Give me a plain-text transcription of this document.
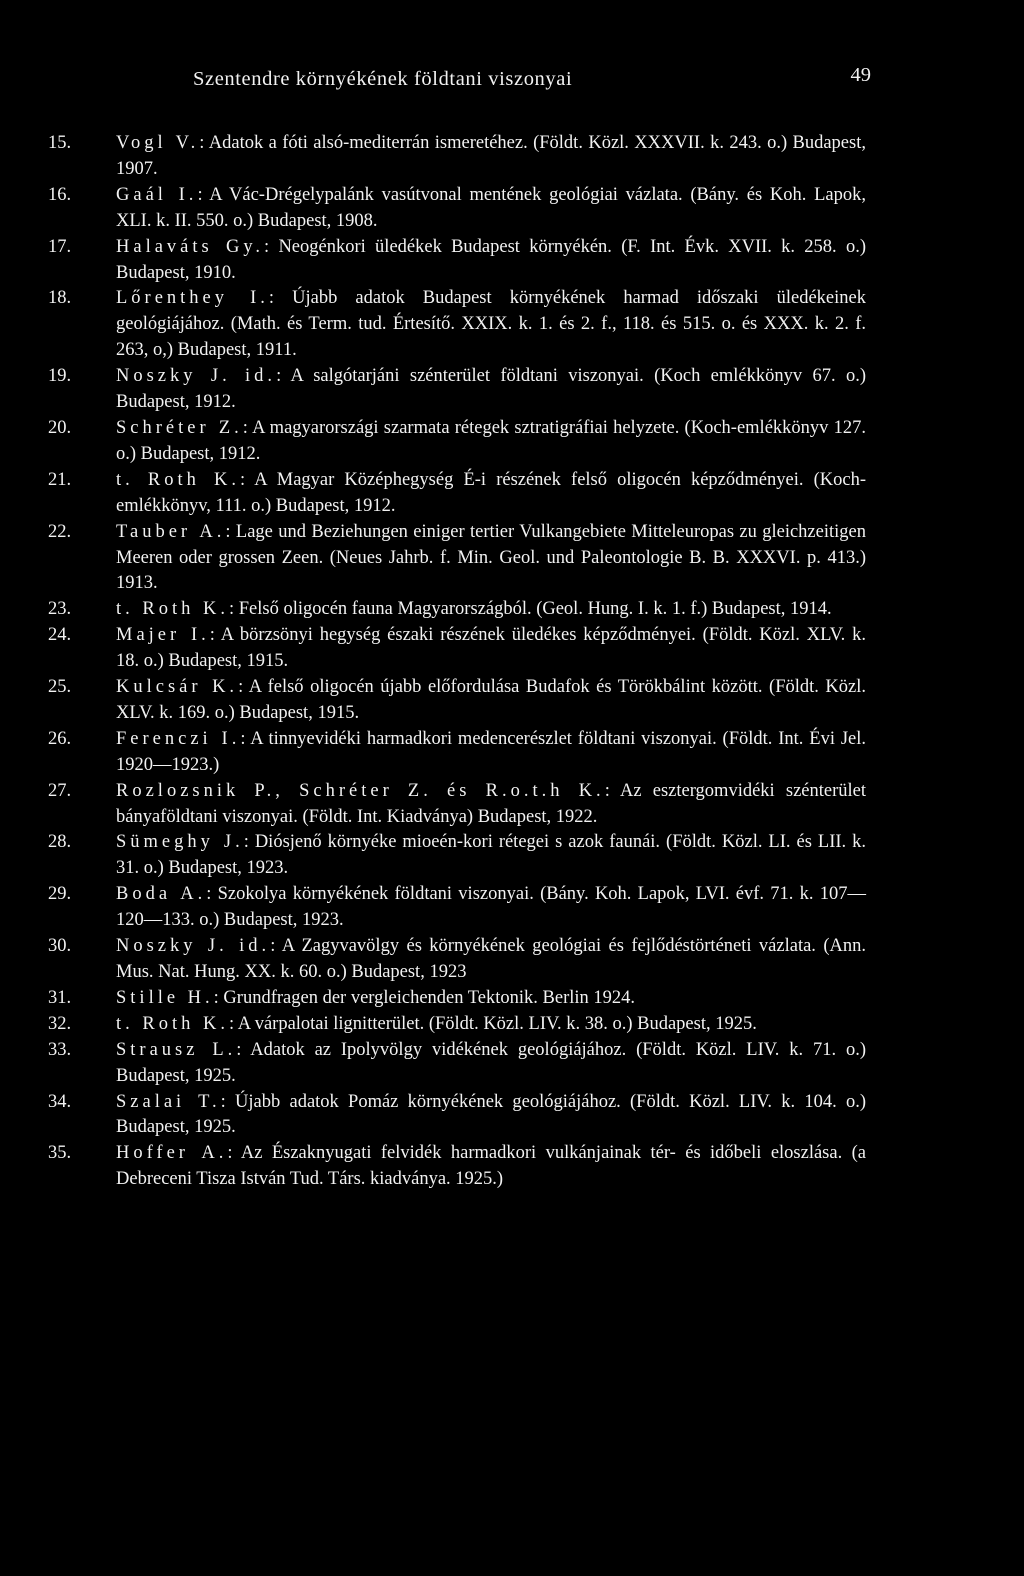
Szentendre környékének földtani viszonyai	49
15.	Vogl V.: Adatok a fóti alsó-mediterrán ismeretéhez. (Földt. Közl. XXXVII. k. 243. o.) Budapest, 1907.
16.	Gaál I.: A Vác-Drégelypalánk vasútvonal mentének geológiai vázlata. (Bány. és Koh. Lapok, XLI. k. II. 550. o.) Budapest, 1908.
17.	Halaváts Gy.: Neogénkori üledékek Budapest környékén. (F. Int. Évk. XVII. k. 258. o.) Budapest, 1910.
18.	Lőrenthey I.: Újabb adatok Budapest környékének harmad időszaki üledékeinek geológiájához. (Math. és Term. tud. Értesítő. XXIX. k. 1. és 2. f., 118. és 515. o. és XXX. k. 2. f. 263, o,) Budapest, 1911.
19.	Noszky J. id.: A salgótarjáni szénterület földtani viszonyai. (Koch emlékkönyv 67. o.) Budapest, 1912.
20.	Schréter Z.: A magyarországi szarmata rétegek sztratigráfiai helyzete. (Koch-emlékkönyv 127. o.) Budapest, 1912.
21.	t. Roth K.: A Magyar Középhegység É-i részének felső oligocén képződményei. (Koch-emlékkönyv, 111. o.) Budapest, 1912.
22.	Tauber A.: Lage und Beziehungen einiger tertier Vulkangebiete Mitteleuropas zu gleichzeitigen Meeren oder grossen Zeen. (Neues Jahrb. f. Min. Geol. und Paleontologie B. B. XXXVI. p. 413.) 1913.
23.	t. Roth K.: Felső oligocén fauna Magyarországból. (Geol. Hung. I. k. 1. f.) Budapest, 1914.
24.	Majer I.: A börzsönyi hegység északi részének üledékes képződményei. (Földt. Közl. XLV. k. 18. o.) Budapest, 1915.
25.	Kulcsár K.: A felső oligocén újabb előfordulása Budafok és Törökbálint között. (Földt. Közl. XLV. k. 169. o.) Budapest, 1915.
26.	Ferenczi I.: A tinnyevidéki harmadkori medencerészlet földtani viszonyai. (Földt. Int. Évi Jel. 1920—1923.)
27.	Rozlozsnik P., Schréter Z. és R.o.t.h K.: Az esztergomvidéki szénterület bányaföldtani viszonyai. (Földt. Int. Kiadványa) Budapest, 1922.
28.	Sümeghy J.: Diósjenő környéke mioeén-kori rétegei s azok faunái. (Földt. Közl. LI. és LII. k. 31. o.) Budapest, 1923.
29.	Boda A.: Szokolya környékének földtani viszonyai. (Bány. Koh. Lapok, LVI. évf. 71. k. 107—120—133. o.) Budapest, 1923.
30.	Noszky J. id.: A Zagyvavölgy és környékének geológiai és fejlődéstörténeti vázlata. (Ann. Mus. Nat. Hung. XX. k. 60. o.) Budapest, 1923
31.	Stille H.: Grundfragen der vergleichenden Tektonik. Berlin 1924.
32.	t. Roth K.: A várpalotai lignitterület. (Földt. Közl. LIV. k. 38. o.) Budapest, 1925.
33.	Strausz L.: Adatok az Ipolyvölgy vidékének geológiájához. (Földt. Közl. LIV. k. 71. o.) Budapest, 1925.
34.	Szalai T.: Újabb adatok Pomáz környékének geológiájához. (Földt. Közl. LIV. k. 104. o.) Budapest, 1925.
35.	Hoffer A.: Az Északnyugati felvidék harmadkori vulkánjainak tér- és időbeli eloszlása. (a Debreceni Tisza István Tud. Társ. kiadványa. 1925.)
